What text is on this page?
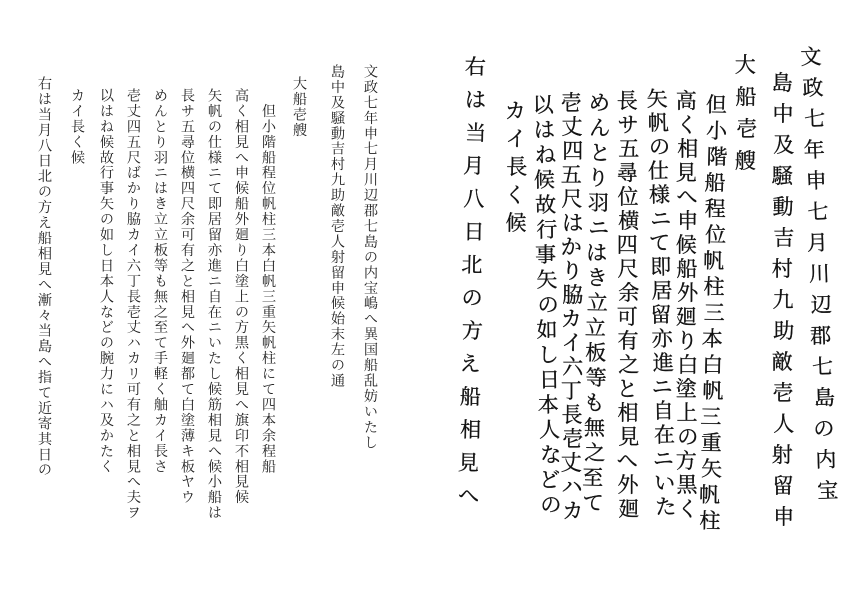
文政七年申七月川辺郡七島の内宝嶋へ異国船乱妨いたし
島中及騒動吉村九助敵壱人射留申候始末左の通
大船壱艘
　但小階船程位帆柱三本白帆三重矢帆柱にて四本余程船
高く相見へ申候船外廻り白塗上の方黒く相見へ旗印不相見候
矢帆の仕様ニて即居留亦進ニ自在ニいたし候筋相見へ候小船は
長サ五尋位横四尺余可有之と相見へ外廻都て白塗薄キ板ヤウ
めんとり羽ニはき立立板等も無之至て手軽く舳カイ長さ
壱丈四五尺ばかり脇カイ六丁長壱丈ハカリ可有之と相見へ夫ヲ
以はね候故行事矢の如し日本人などの腕力にハ及かたく
カイ長く候
右は当月八日北の方え船相見へ漸々当島へ指て近寄其日の
文政七年申七月川辺郡七島の内宝
島中及騒動吉村九助敵壱人射留申
大船壱艘
但小階船程位帆柱三本白帆三重矢帆柱
高く相見へ申候船外廻り白塗上の方黒く
矢帆の仕様ニて即居留亦進ニ自在ニいた
長サ五尋位横四尺余可有之と相見へ外廻
めんとり羽ニはき立立板等も無之至て
壱丈四五尺はかり脇カイ六丁長壱丈ハカ
以はね候故行事矢の如し日本人などの
カイ長く候
右は当月八日北の方え船相見へ
